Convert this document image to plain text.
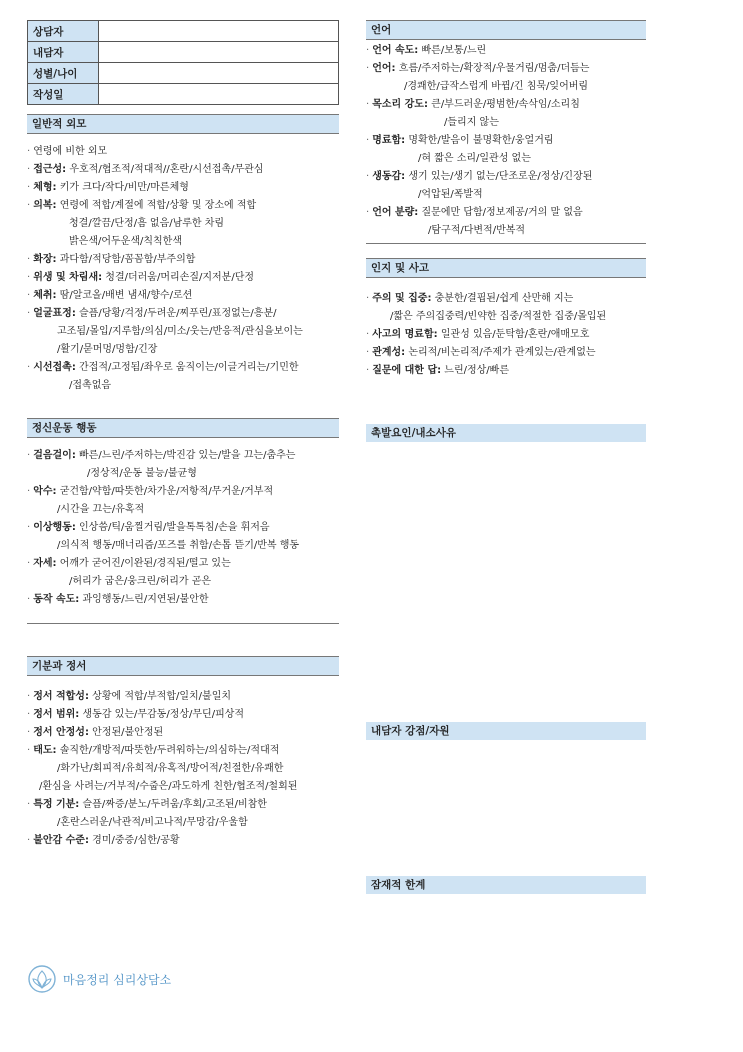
상담자	
내담자	
성별/나이	
작성일	
일반적 외모
· 연령에 비한 외모
· 접근성: 우호적/협조적/적대적//혼란/시선접촉/무관심
· 체형: 키가 크다/작다/비만/마른체형
· 의복: 연령에 적합/계절에 적합/상황 및 장소에 적합
청결/깔끔/단정/흠 없음/남루한 차림
밝은색/어두운색/칙칙한색
· 화장: 과다함/적당함/꼼꼼함/부주의함
· 위생 및 차림새: 청결/더러움/머리손질/지저분/단정
· 체취: 땀/알코올/배변 냄새/향수/로션
· 얼굴표정: 슬픔/당황/걱정/두려운/찌푸린/표정없는/흥분/
고조됨/몰입/지루함/의심/미소/웃는/반응적/관심을보이는
/활기/묻머멍/멍함/긴장
· 시선접촉: 간접적/고정됨/좌우로 움직이는/이글거리는/기민한
/접촉없음
정신운동 행동
· 걸음걸이: 빠른/느린/주저하는/박진감 있는/발을 끄는/춤추는
/정상적/운동 불능/불균형
· 악수: 굳건함/약함/따뜻한/차가운/저항적/무거운/거부적
/시간을 끄는/유혹적
· 이상행동: 인상씀/틱/움찔거림/발을톡톡침/손을 휘저음
/의식적 행동/매너리즘/포즈를 취함/손톱 뜯기/반복 행동
· 자세: 어깨가 굳어진/이완된/경직된/떨고 있는
/허리가 굽은/웅크린/허리가 곧은
· 동작 속도: 과잉행동/느린/지연된/불안한
기분과 정서
· 정서 적합성: 상황에 적합/부적합/일치/불일치
· 정서 범위: 생동감 있는/무감동/정상/무딘/피상적
· 정서 안정성: 안정된/불안정된
· 태도: 솔직한/개방적/따뜻한/두려워하는/의심하는/적대적
/화가난/회피적/유희적/유혹적/방어적/친절한/유쾌한
/환심을 사려는/거부적/수줍은/과도하게 친한/협조적/철회된
· 특정 기분: 슬픔/짜증/분노/두려움/후회/고조된/비참한
/혼란스러운/낙관적/비고나적/무망감/우울함
· 불안감 수준: 경미/중증/심한/공황
언어
· 언어 속도: 빠른/보통/느린
· 언어: 흐름/주저하는/확장적/우물거림/멈춤/더듬는
/경쾌한/급작스럽게 바뀜/긴 침묵/잊어버림
· 목소리 강도: 큰/부드러운/평범한/속삭임/소리침
/들리지 않는
· 명료함: 명확한/발음이 불명확한/웅얼거림
/혀 짧은 소리/일관성 없는
· 생동감: 생기 있는/생기 없는/단조로운/정상/긴장된
/억압된/폭발적
· 언어 분량: 질문에만 답함/정보제공/거의 말 없음
/탐구적/다변적/반복적
인지 및 사고
· 주의 및 집중: 충분한/결핍된/쉽게 산만해 지는
/짧은 주의집중력/빈약한 집중/적절한 집중/몰입된
· 사고의 명료함: 일관성 있음/둔탁함/혼란/애매모호
· 관계성: 논리적/비논리적/주제가 관계있는/관계없는
· 질문에 대한 답: 느린/정상/빠른
촉발요인/내소사유
내담자 강점/자원
잠재적 한계
마음정리 심리상담소
